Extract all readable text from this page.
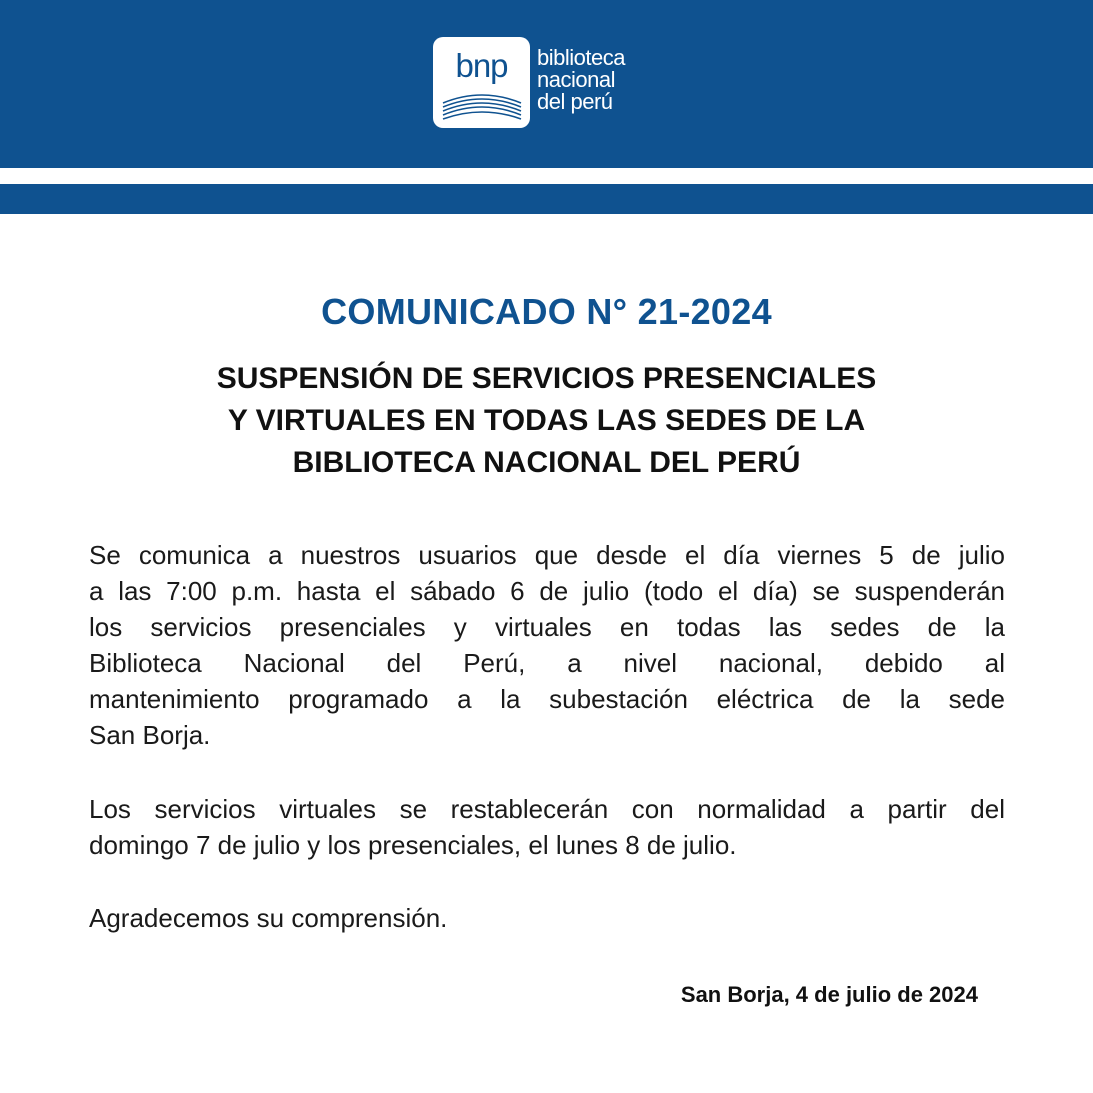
bnp	biblioteca
nacional
del perú
COMUNICADO N° 21-2024
SUSPENSIÓN DE SERVICIOS PRESENCIALES
Y VIRTUALES EN TODAS LAS SEDES DE LA
BIBLIOTECA NACIONAL DEL PERÚ
Se comunica a nuestros usuarios que desde el día viernes 5 de julio
a las 7:00 p.m. hasta el sábado 6 de julio (todo el día) se suspenderán
los servicios presenciales y virtuales en todas las sedes de la
Biblioteca Nacional del Perú, a nivel nacional, debido al
mantenimiento programado a la subestación eléctrica de la sede
San Borja.
Los servicios virtuales se restablecerán con normalidad a partir del
domingo 7 de julio y los presenciales, el lunes 8 de julio.
Agradecemos su comprensión.
San Borja, 4 de julio de 2024
